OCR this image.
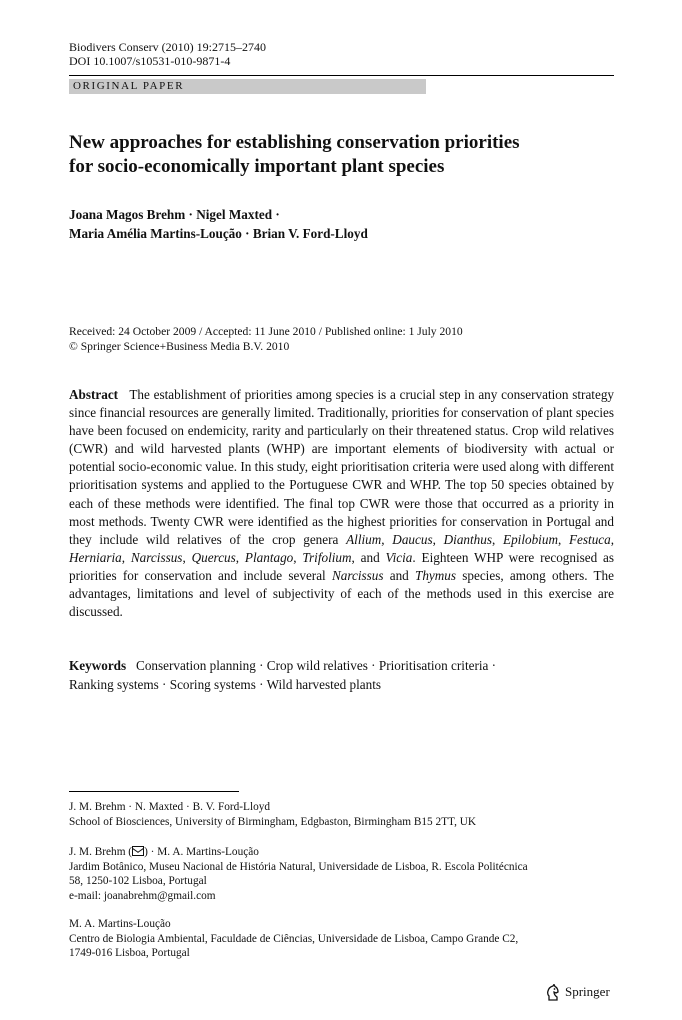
Biodivers Conserv (2010) 19:2715–2740
DOI 10.1007/s10531-010-9871-4
ORIGINAL PAPER
New approaches for establishing conservation priorities
for socio-economically important plant species
Joana Magos Brehm · Nigel Maxted ·
Maria Amélia Martins-Loução · Brian V. Ford-Lloyd
Received: 24 October 2009 / Accepted: 11 June 2010 / Published online: 1 July 2010
© Springer Science+Business Media B.V. 2010
Abstract The establishment of priorities among species is a crucial step in any conservation strategy since financial resources are generally limited. Traditionally, priorities for conservation of plant species have been focused on endemicity, rarity and particularly on their threatened status. Crop wild relatives (CWR) and wild harvested plants (WHP) are important elements of biodiversity with actual or potential socio-economic value. In this study, eight prioritisation criteria were used along with different prioritisation systems and applied to the Portuguese CWR and WHP. The top 50 species obtained by each of these methods were identified. The final top CWR were those that occurred as a priority in most methods. Twenty CWR were identified as the highest priorities for conservation in Portugal and they include wild relatives of the crop genera Allium, Daucus, Dianthus, Epilobium, Festuca, Herniaria, Narcissus, Quercus, Plantago, Trifolium, and Vicia. Eighteen WHP were recognised as priorities for conservation and include several Narcissus and Thymus species, among others. The advantages, limitations and level of subjectivity of each of the methods used in this exercise are discussed.
Keywords Conservation planning · Crop wild relatives · Prioritisation criteria ·
Ranking systems · Scoring systems · Wild harvested plants
J. M. Brehm · N. Maxted · B. V. Ford-Lloyd
School of Biosciences, University of Birmingham, Edgbaston, Birmingham B15 2TT, UK
J. M. Brehm ( ) · M. A. Martins-Loução
Jardim Botânico, Museu Nacional de História Natural, Universidade de Lisboa, R. Escola Politécnica
58, 1250-102 Lisboa, Portugal
e-mail: joanabrehm@gmail.com
M. A. Martins-Loução
Centro de Biologia Ambiental, Faculdade de Ciências, Universidade de Lisboa, Campo Grande C2,
1749-016 Lisboa, Portugal
Springer
